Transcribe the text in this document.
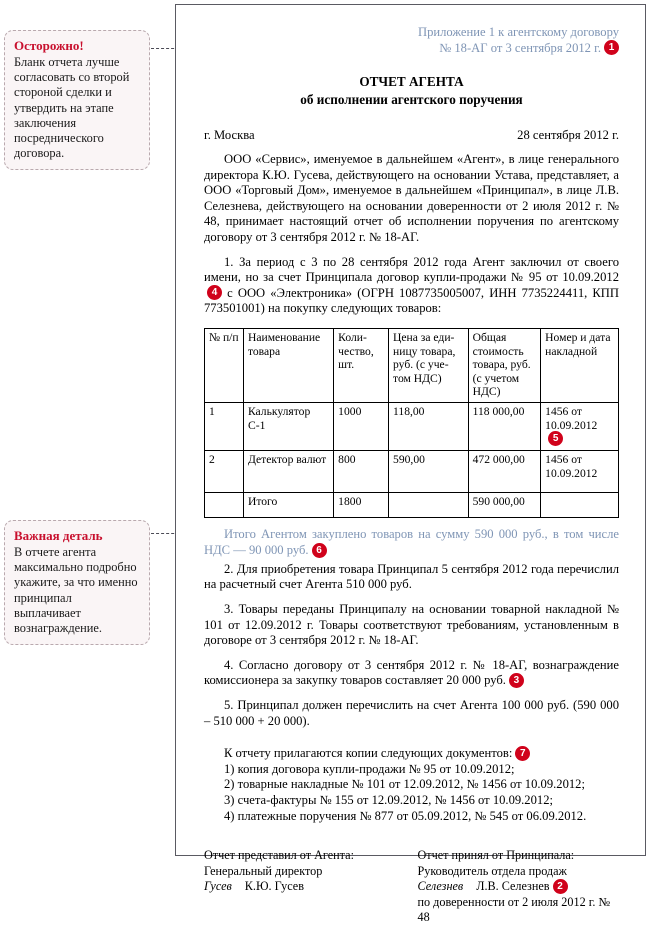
Осторожно!
Бланк отчета лучше согласовать со второй стороной сделки и утвердить на этапе заключения посреднического договора.
Важная деталь
В отчете агента максимально подробно укажите, за что именно принципал выплачивает вознаграждение.
Приложение 1 к агентскому договору
№ 18-АГ от 3 сентября 2012 г. 1
ОТЧЕТ АГЕНТА
об исполнении агентского поручения
г. Москва	28 сентября 2012 г.

ООО «Сервис», именуемое в дальнейшем «Агент», в лице генерального директора К.Ю. Гусева, действующего на основании Устава, представляет, а ООО «Торговый Дом», именуемое в дальнейшем «Принципал», в лице Л.В. Селезнева, действующего на основании доверенности от 2 июля 2012 г. № 48, принимает настоящий отчет об исполнении поручения по агентскому договору от 3 сентября 2012 г. № 18-АГ.

1. За период с 3 по 28 сентября 2012 года Агент заключил от своего имени, но за счет Принципала договор купли-продажи № 95 от 10.09.20124 с ООО «Электроника» (ОГРН 1087735005007, ИНН 7735224411, КПП 773501001) на покупку следующих товаров:

№ п/п	Наименование товара	Коли-чество, шт.	Цена за еди-ницу товара, руб. (с уче-том НДС)	Общая стоимость товара, руб. (с учетом НДС)	Номер и дата накладной
1	Калькулятор С-1	1000	118,00	118 000,00	1456 от 10.09.20125
2	Детектор валют	800	590,00	472 000,00	1456 от 10.09.2012
	Итого	1800		590 000,00	

Итого Агентом закуплено товаров на сумму 590 000 руб., в том числе НДС — 90 000 руб. 6

2. Для приобретения товара Принципал 5 сентября 2012 года перечислил на расчетный счет Агента 510 000 руб.

3. Товары переданы Принципалу на основании товарной накладной № 101 от 12.09.2012 г. Товары соответствуют требованиям, установленным в договоре от 3 сентября 2012 г. № 18-АГ.

4. Согласно договору от 3 сентября 2012 г. № 18-АГ, вознаграждение комиссионера за закупку товаров составляет 20 000 руб. 3

5. Принципал должен перечислить на счет Агента 100 000 руб. (590 000 – 510 000 + 20 000).

К отчету прилагаются копии следующих документов: 7

1) копия договора купли-продажи № 95 от 10.09.2012;
2) товарные накладные № 101 от 12.09.2012, № 1456 от 10.09.2012;
3) счета-фактуры № 155 от 12.09.2012, № 1456 от 10.09.2012;
4) платежные поручения № 877 от 05.09.2012, № 545 от 06.09.2012.
Отчет представил от Агента:
Генеральный директор
Гусев К.Ю. Гусев
Отчет принял от Принципала:
Руководитель отдела продаж
Селезнев Л.В. Селезнев 2
по доверенности от 2 июля 2012 г. № 48
